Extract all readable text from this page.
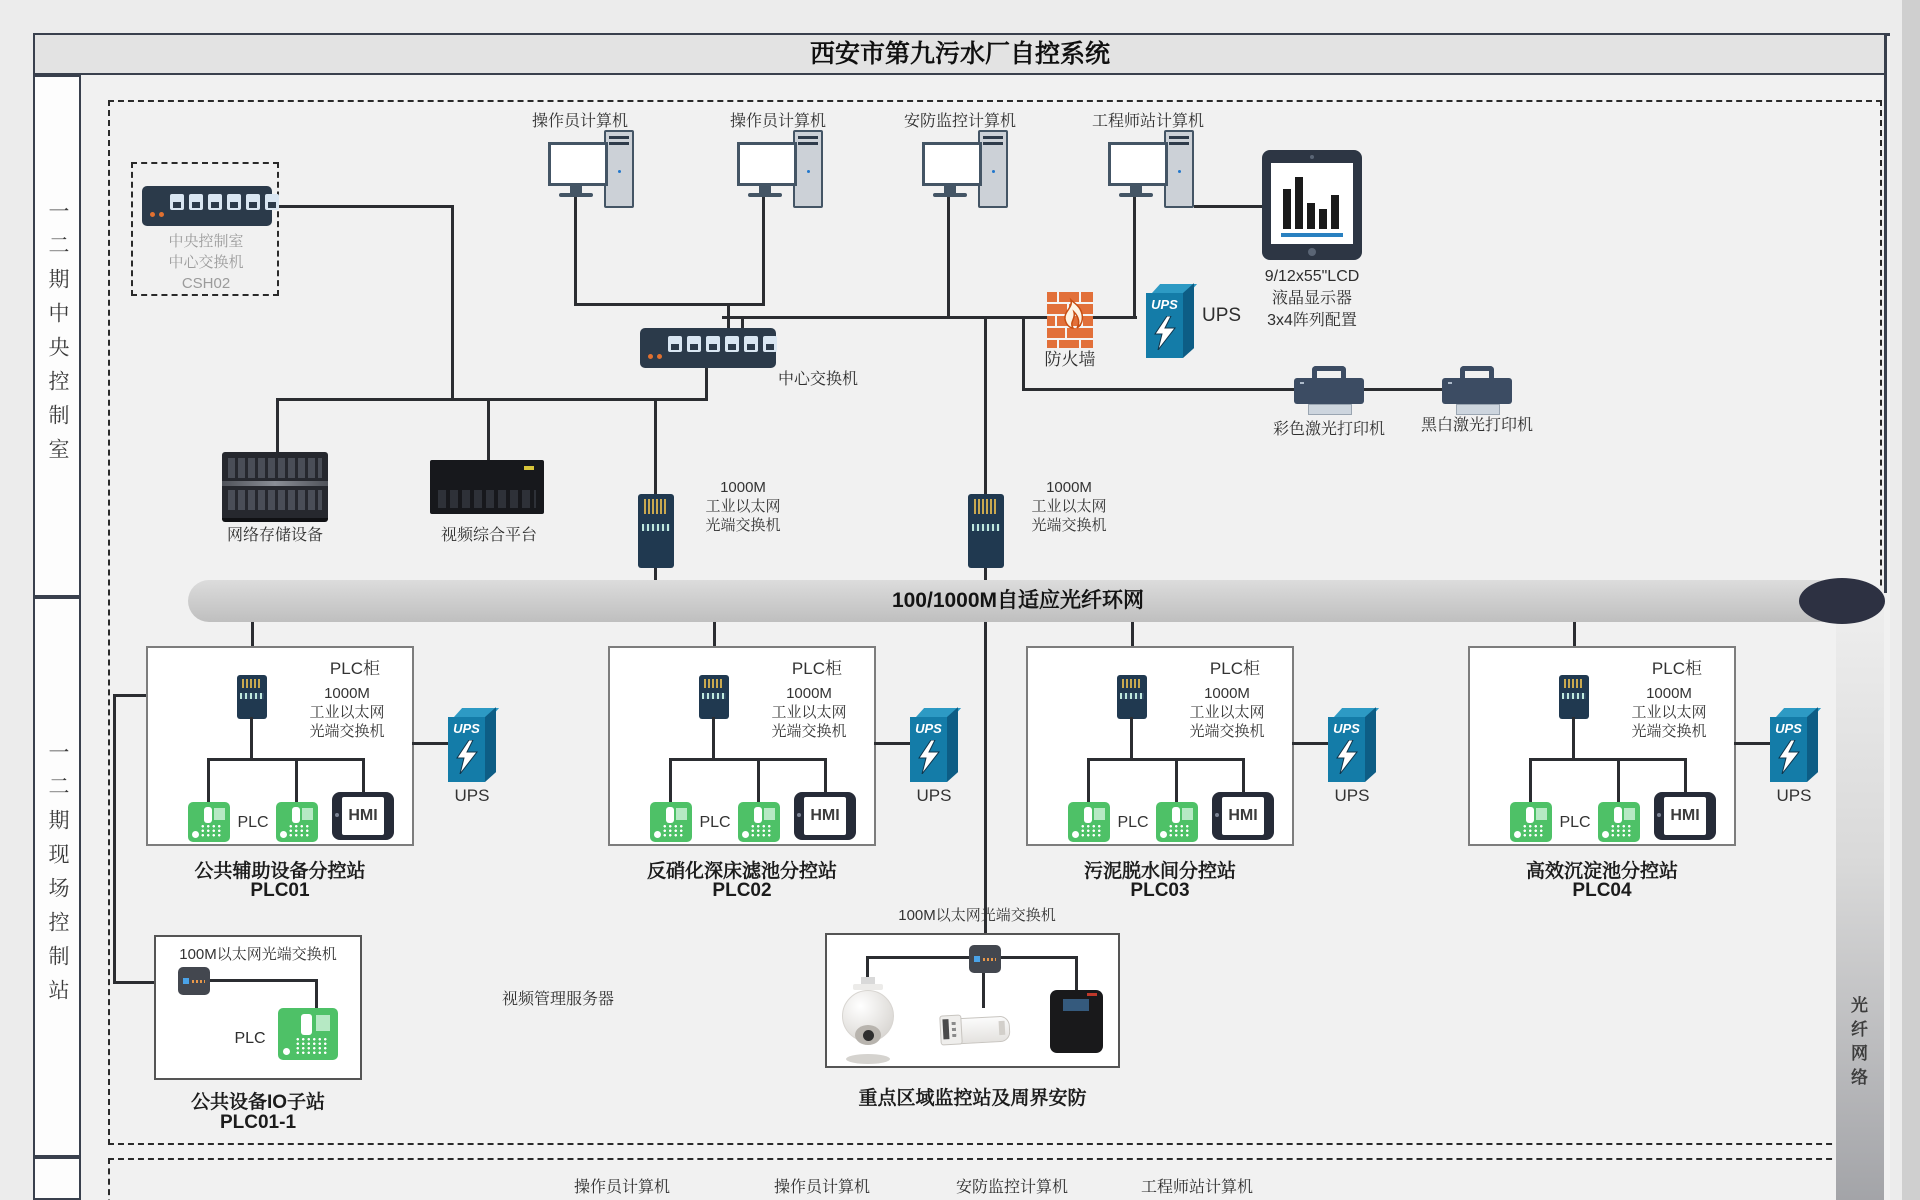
西安市第九污水厂自控系统
一二期中央控制室
一二期现场控制站
光纤网络
中央控制室
中心交换机
CSH02
操作员计算机	操作员计算机	安防监控计算机	工程师站计算机
9/12x55"LCD
液晶显示器
3x4阵列配置
中心交换机
防火墙
UPS
UPS
彩色激光打印机	黑白激光打印机
网络存储设备	视频综合平台
1000M
工业以太网
光端交换机
1000M
工业以太网
光端交换机
100/1000M自适应光纤环网
PLC柜
1000M
工业以太网
光端交换机
PLC	HMI
UPS
UPS
公共辅助设备分控站
PLC01
PLC柜
1000M
工业以太网
光端交换机
PLC	HMI
UPS
UPS
反硝化深床滤池分控站
PLC02
PLC柜
1000M
工业以太网
光端交换机
PLC	HMI
UPS
UPS
污泥脱水间分控站
PLC03
PLC柜
1000M
工业以太网
光端交换机
PLC	HMI
UPS
UPS
高效沉淀池分控站
PLC04
100M以太网光端交换机
PLC
公共设备IO子站
PLC01-1
视频管理服务器
100M以太网光端交换机
重点区域监控站及周界安防
操作员计算机	操作员计算机	安防监控计算机	工程师站计算机
